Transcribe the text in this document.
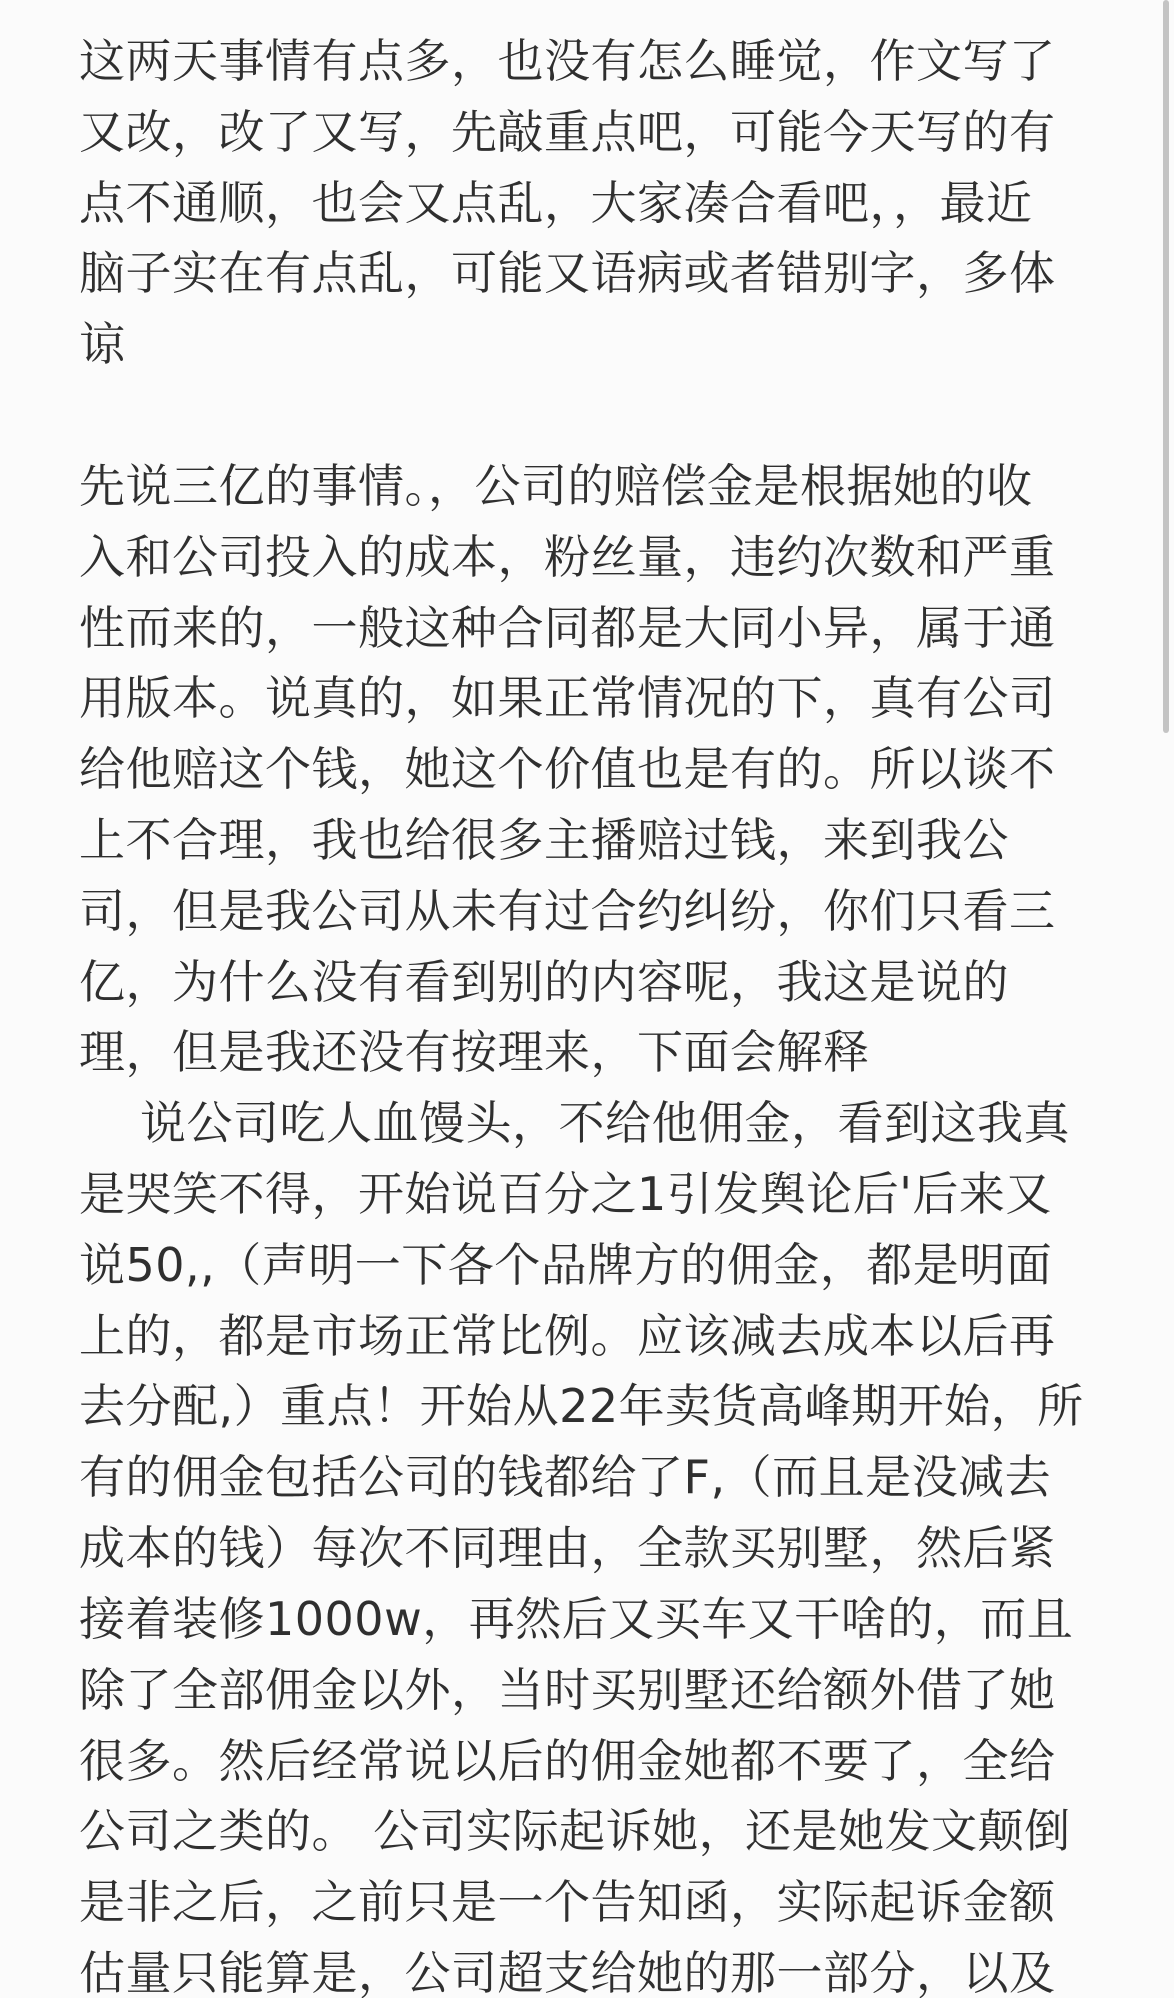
这两天事情有点多，也没有怎么睡觉，作文写了
又改，改了又写，先敲重点吧，可能今天写的有
点不通顺，也会又点乱，大家凑合看吧，，最近
脑子实在有点乱，可能又语病或者错别字，多体
谅
先说三亿的事情。，公司的赔偿金是根据她的收
入和公司投入的成本，粉丝量，违约次数和严重
性而来的，一般这种合同都是大同小异，属于通
用版本。说真的，如果正常情况的下，真有公司
给他赔这个钱，她这个价值也是有的。所以谈不
上不合理，我也给很多主播赔过钱，来到我公
司，但是我公司从未有过合约纠纷，你们只看三
亿，为什么没有看到别的内容呢，我这是说的
理，但是我还没有按理来，下面会解释
说公司吃人血馒头，不给他佣金，看到这我真
是哭笑不得，开始说百分之1引发舆论后'后来又
说50,,（声明一下各个品牌方的佣金，都是明面
上的，都是市场正常比例。应该减去成本以后再
去分配,）重点！开始从22年卖货高峰期开始，所
有的佣金包括公司的钱都给了F,（而且是没减去
成本的钱）每次不同理由，全款买别墅，然后紧
接着装修1000w，再然后又买车又干啥的，而且
除了全部佣金以外，当时买别墅还给额外借了她
很多。然后经常说以后的佣金她都不要了，全给
公司之类的。 公司实际起诉她，还是她发文颠倒
是非之后，之前只是一个告知函，实际起诉金额
估量只能算是，公司超支给她的那一部分，以及
